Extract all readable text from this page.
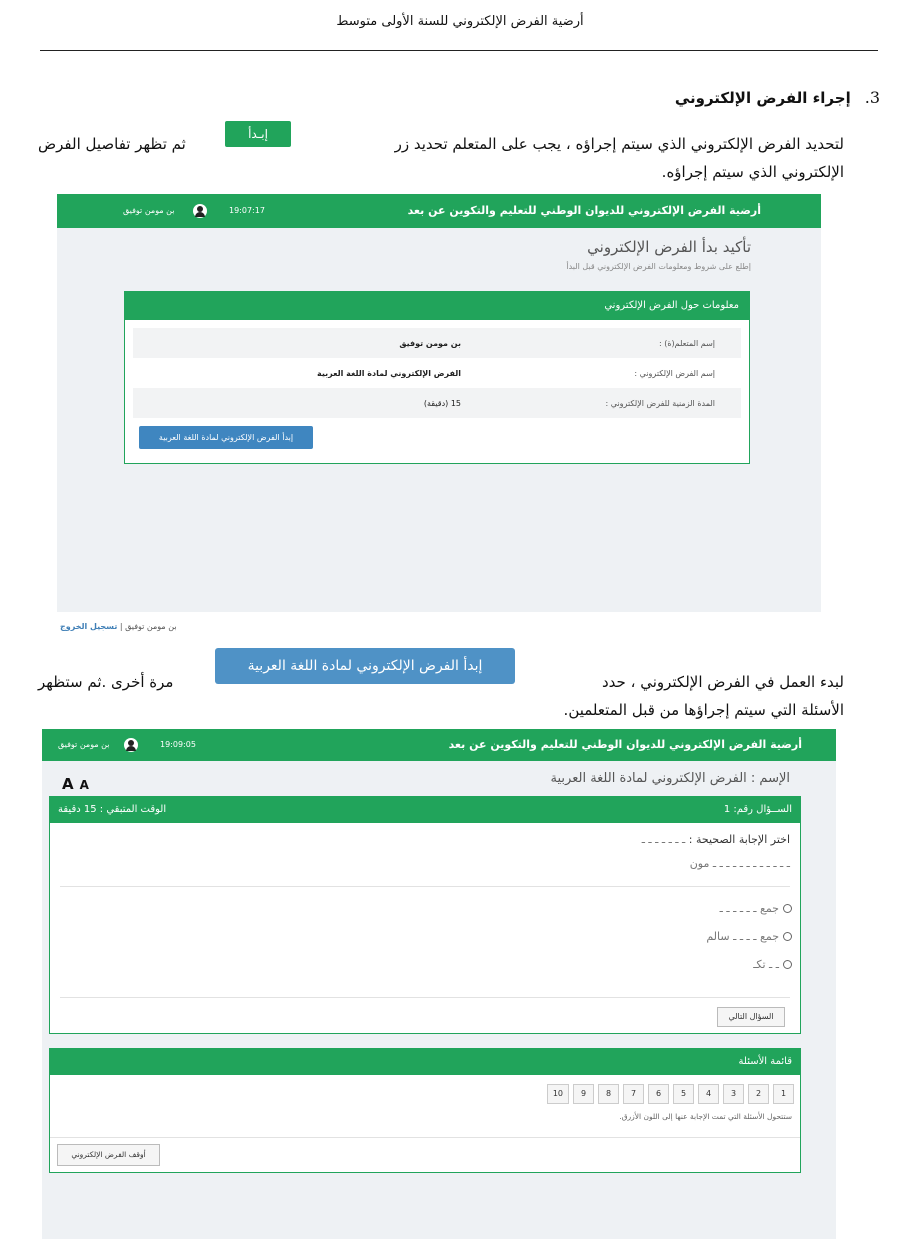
أرضية الفرض الإلكتروني للسنة الأولى متوسط
3.
إجراء الفرض الإلكتروني
لتحديد الفرض الإلكتروني الذي سيتم إجراؤه ، يجب على المتعلم تحديد زر
ثم تظهر تفاصيل الفرض
الإلكتروني الذي سيتم إجراؤه.
إبـدأ
أرضية الفرض الإلكتروني للديوان الوطني للتعليم والتكوين عن بعد
19:07:17
بن مومن توفيق
تأكيد بدأ الفرض الإلكتروني
إطلع على شروط ومعلومات الفرض الإلكتروني قبل البدأ
معلومات حول الفرض الإلكتروني
إسم المتعلم(ة) :
بن مومن توفيق
إسم الفرض الإلكتروني :
الفرض الإلكتروني لمادة اللغة العربية
المدة الزمنية للفرض الإلكتروني :
15 (دقيقة)
إبدأ الفرض الإلكتروني لمادة اللغة العربية
بن مومن توفيق | تسجيل الخروج
لبدء العمل في الفرض الإلكتروني ، حدد
مرة أخرى .ثم ستظهر
الأسئلة التي سيتم إجراؤها من قبل المتعلمين.
إبدأ الفرض الإلكتروني لمادة اللغة العربية
أرضية الفرض الإلكتروني للديوان الوطني للتعليم والتكوين عن بعد
19:09:05
بن مومن توفيق
A A	الإسم : الفرض الإلكتروني لمادة اللغة العربية
الســؤال رقم: 1
الوقت المتبقي : 15 دقيقة
اختر الإجابة الصحيحة : ـ ـ ـ ـ ـ ـ ـ
ـ ـ ـ ـ ـ ـ ـ ـ ـ ـ ـ ـ مون
جمع ـ ـ ـ ـ ـ ـ
جمع ـ ـ ـ ـ سالم
ـ ـ تكـ
السؤال التالي
قائمة الأسئلة
1
2
3
4
5
6
7
8
9
10
ستتحول الأسئلة التي تمت الإجابة عنها إلى اللون الأزرق.
أوقف الفرض الإلكتروني
